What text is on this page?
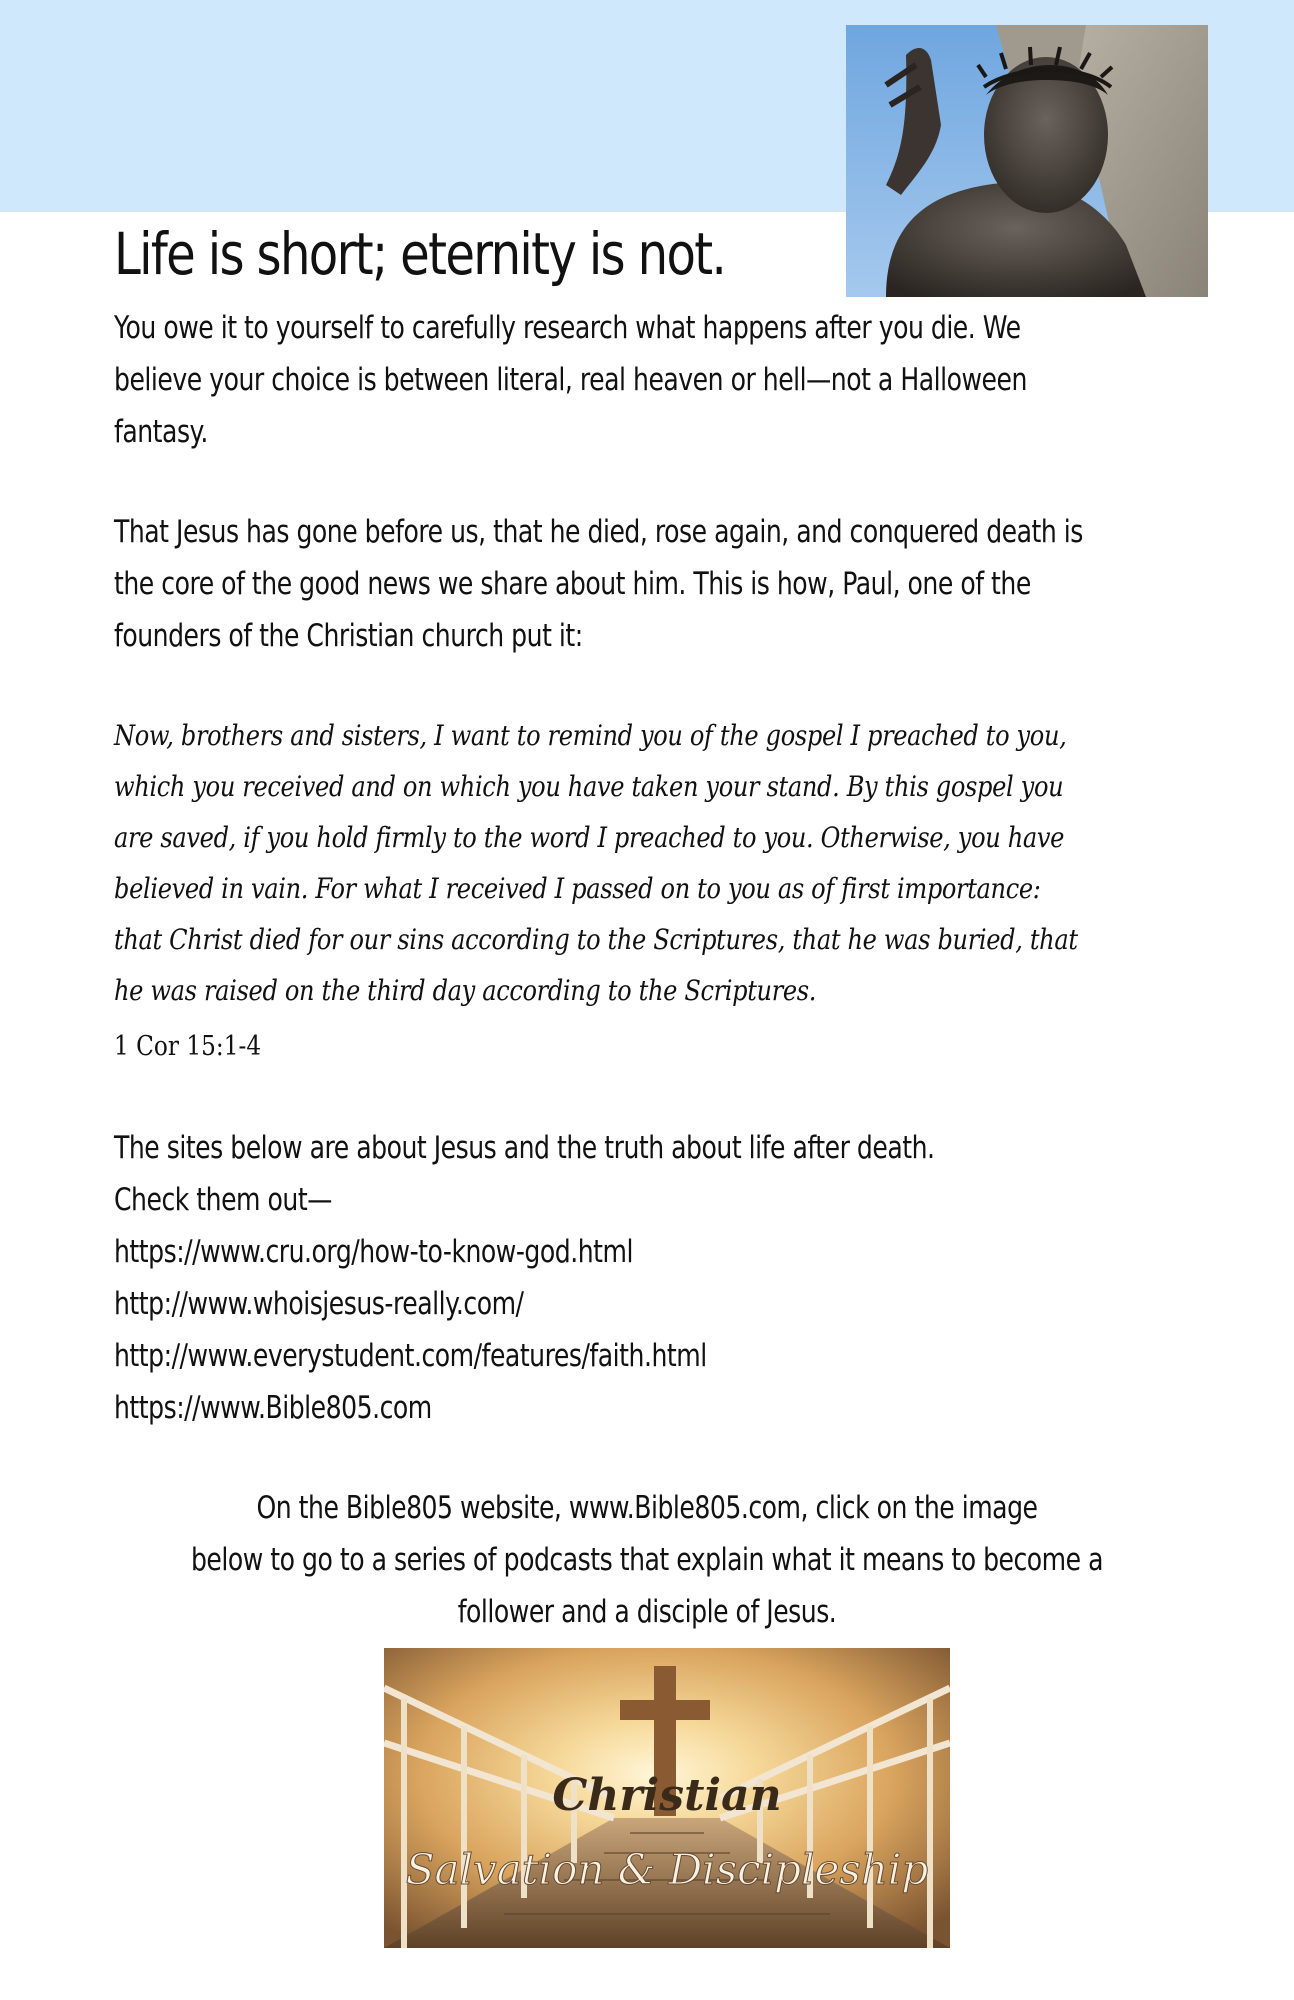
Life is short; eternity is not.

You owe it to yourself to carefully research what happens after you die. We
believe your choice is between literal, real heaven or hell—not a Halloween
fantasy.

That Jesus has gone before us, that he died, rose again, and conquered death is
the core of the good news we share about him. This is how, Paul, one of the
founders of the Christian church put it:

Now, brothers and sisters, I want to remind you of the gospel I preached to you,
which you received and on which you have taken your stand. By this gospel you
are saved, if you hold firmly to the word I preached to you. Otherwise, you have
believed in vain. For what I received I passed on to you as of first importance:
that Christ died for our sins according to the Scriptures, that he was buried, that
he was raised on the third day according to the Scriptures.

1 Cor 15:1-4

The sites below are about Jesus and the truth about life after death.
Check them out—

https://www.cru.org/how-to-know-god.html
http://www.whoisjesus-really.com/
http://www.everystudent.com/features/faith.html
https://www.Bible805.com
On the Bible805 website, www.Bible805.com, click on the image
below to go to a series of podcasts that explain what it means to become a
follower and a disciple of Jesus.
Christian
Salvation & Discipleship
